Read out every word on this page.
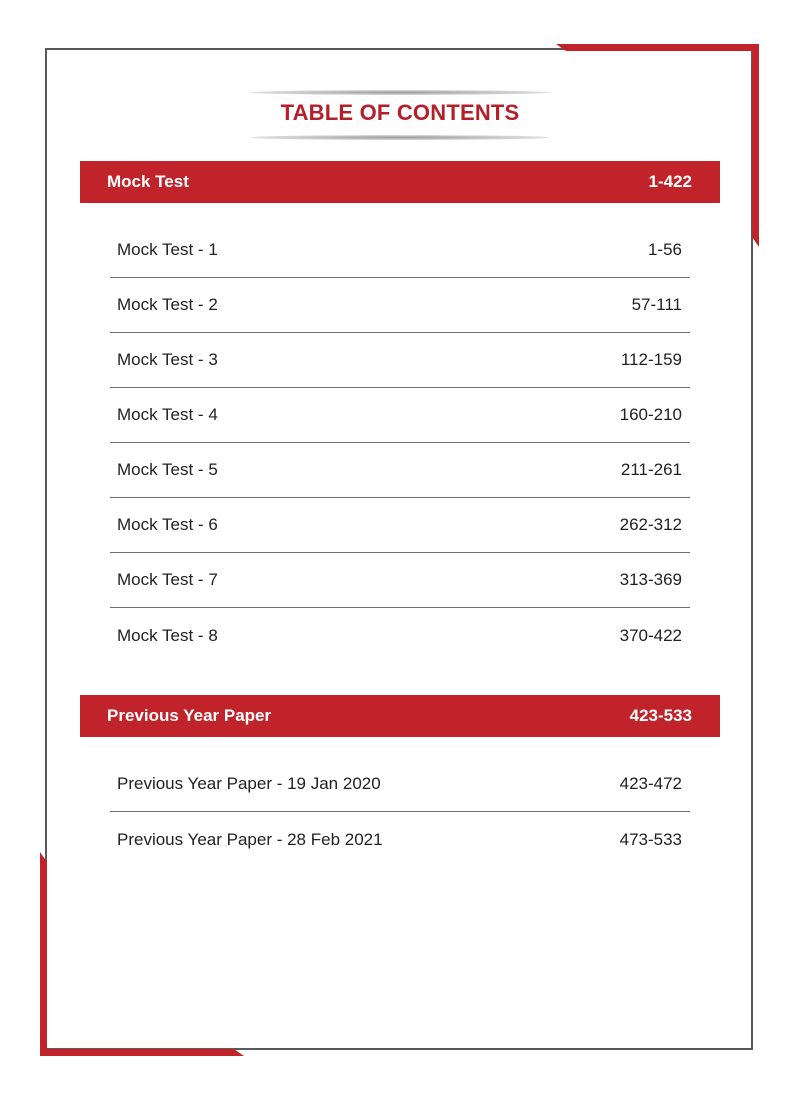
TABLE OF CONTENTS
Mock Test	1-422
Mock Test - 1	1-56
Mock Test - 2	57-111
Mock Test - 3	112-159
Mock Test - 4	160-210
Mock Test - 5	211-261
Mock Test - 6	262-312
Mock Test - 7	313-369
Mock Test - 8	370-422
Previous Year Paper	423-533
Previous Year Paper - 19 Jan 2020	423-472
Previous Year Paper - 28 Feb 2021	473-533
